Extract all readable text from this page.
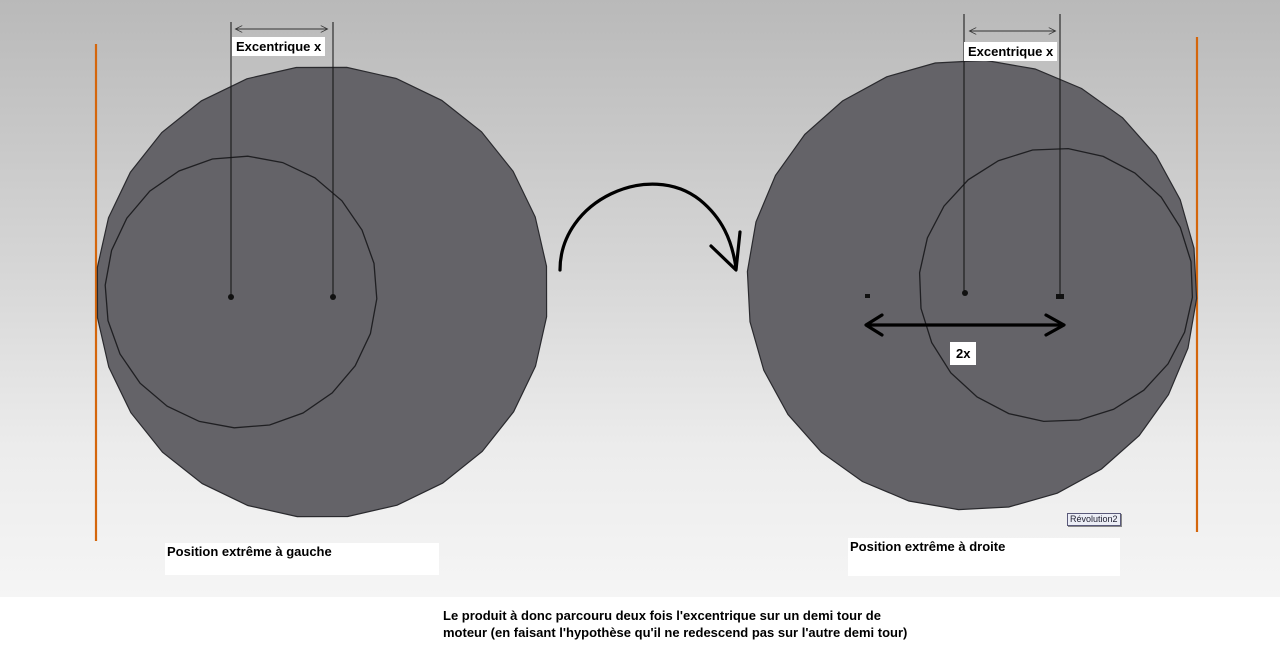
Excentrique x	Excentrique x
2x
Position extrême à gauche	Position extrême à droite
Révolution2
Le produit à donc parcouru deux fois l'excentrique sur un demi tour de
moteur (en faisant l'hypothèse qu'il ne redescend pas sur l'autre demi tour)
